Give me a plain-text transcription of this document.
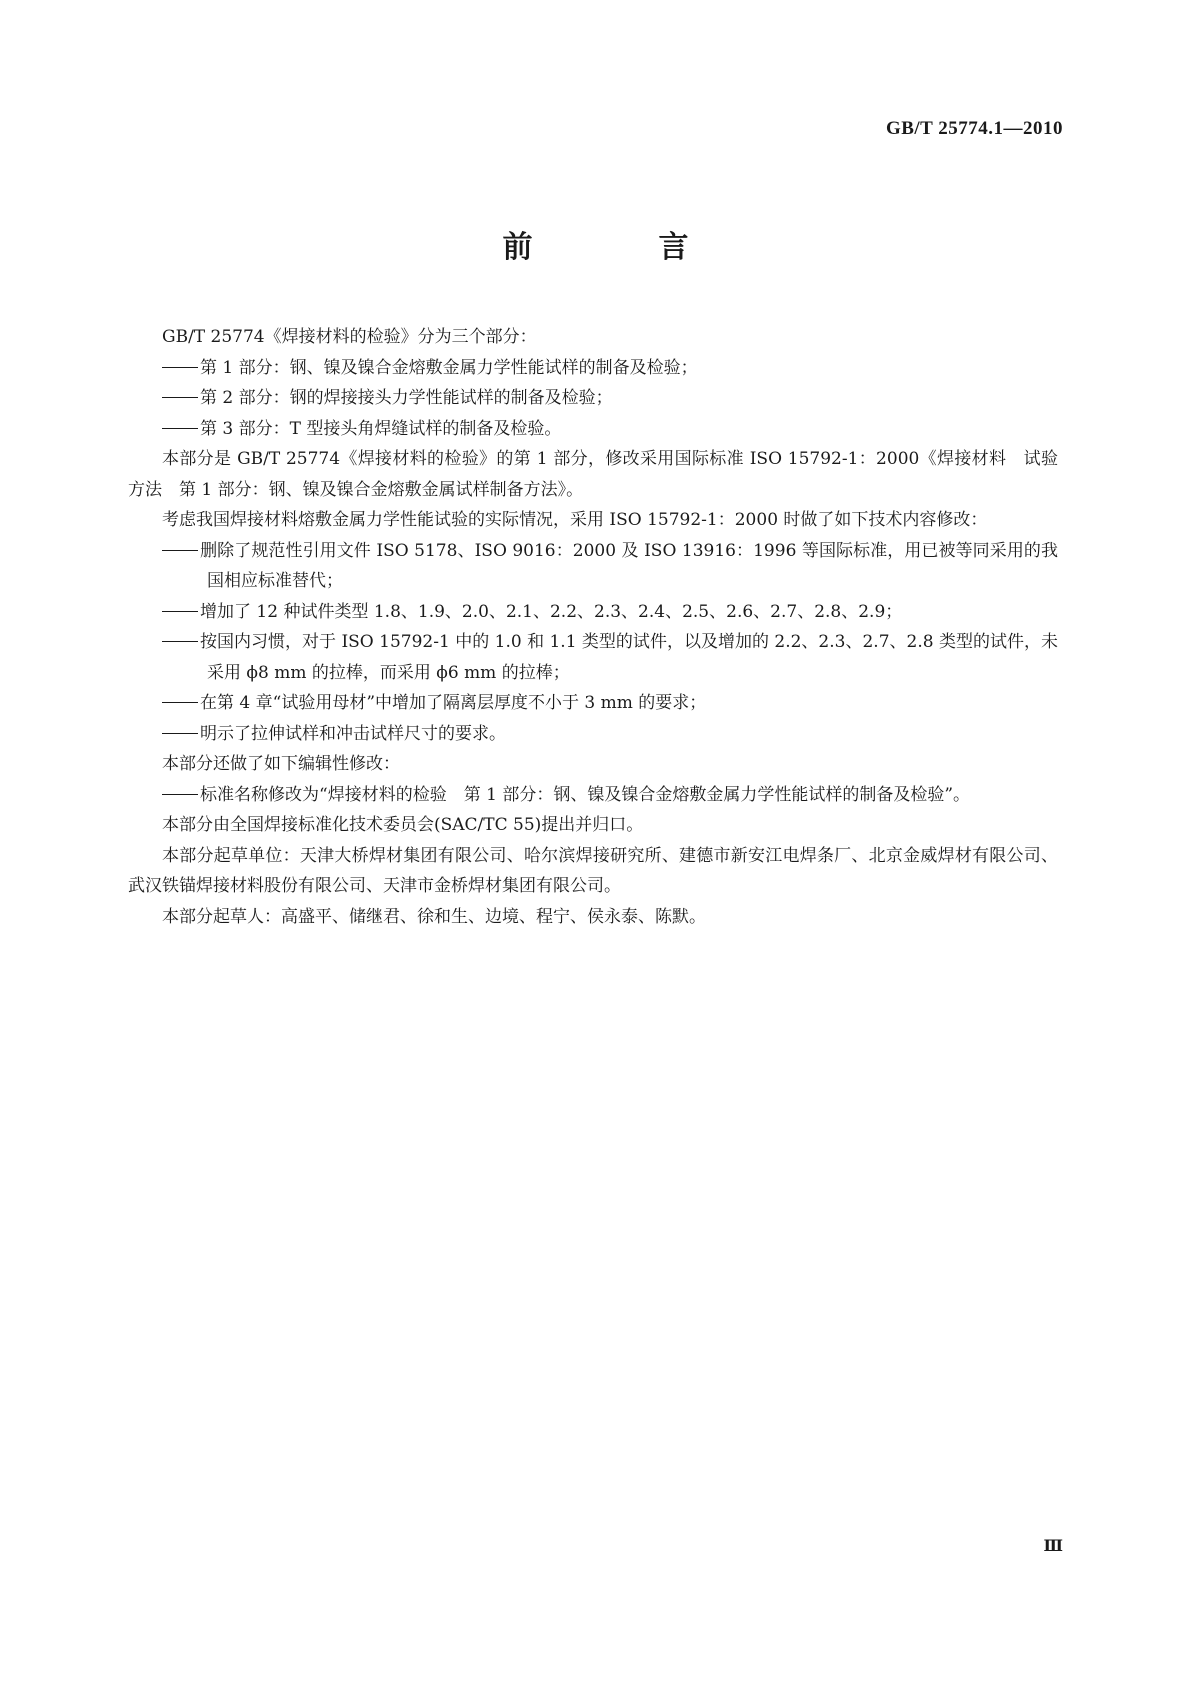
GB/T 25774.1—2010
前　言

GB/T 25774《焊接材料的检验》分为三个部分：

第 1 部分：钢、镍及镍合金熔敷金属力学性能试样的制备及检验；

第 2 部分：钢的焊接接头力学性能试样的制备及检验；

第 3 部分：T 型接头角焊缝试样的制备及检验。

本部分是 GB/T 25774《焊接材料的检验》的第 1 部分，修改采用国际标准 ISO 15792-1：2000《焊接材料　试验方法　第 1 部分：钢、镍及镍合金熔敷金属试样制备方法》。

考虑我国焊接材料熔敷金属力学性能试验的实际情况，采用 ISO 15792-1：2000 时做了如下技术内容修改：

删除了规范性引用文件 ISO 5178、ISO 9016：2000 及 ISO 13916：1996 等国际标准，用已被等同采用的我国相应标准替代；

增加了 12 种试件类型 1.8、1.9、2.0、2.1、2.2、2.3、2.4、2.5、2.6、2.7、2.8、2.9；

按国内习惯，对于 ISO 15792-1 中的 1.0 和 1.1 类型的试件，以及增加的 2.2、2.3、2.7、2.8 类型的试件，未采用 ϕ8 mm 的拉棒，而采用 ϕ6 mm 的拉棒；

在第 4 章“试验用母材”中增加了隔离层厚度不小于 3 mm 的要求；

明示了拉伸试样和冲击试样尺寸的要求。

本部分还做了如下编辑性修改：

标准名称修改为“焊接材料的检验　第 1 部分：钢、镍及镍合金熔敷金属力学性能试样的制备及检验”。

本部分由全国焊接标准化技术委员会(SAC/TC 55)提出并归口。

本部分起草单位：天津大桥焊材集团有限公司、哈尔滨焊接研究所、建德市新安江电焊条厂、北京金威焊材有限公司、武汉铁锚焊接材料股份有限公司、天津市金桥焊材集团有限公司。

本部分起草人：高盛平、储继君、徐和生、边境、程宁、侯永泰、陈默。

Ⅲ
